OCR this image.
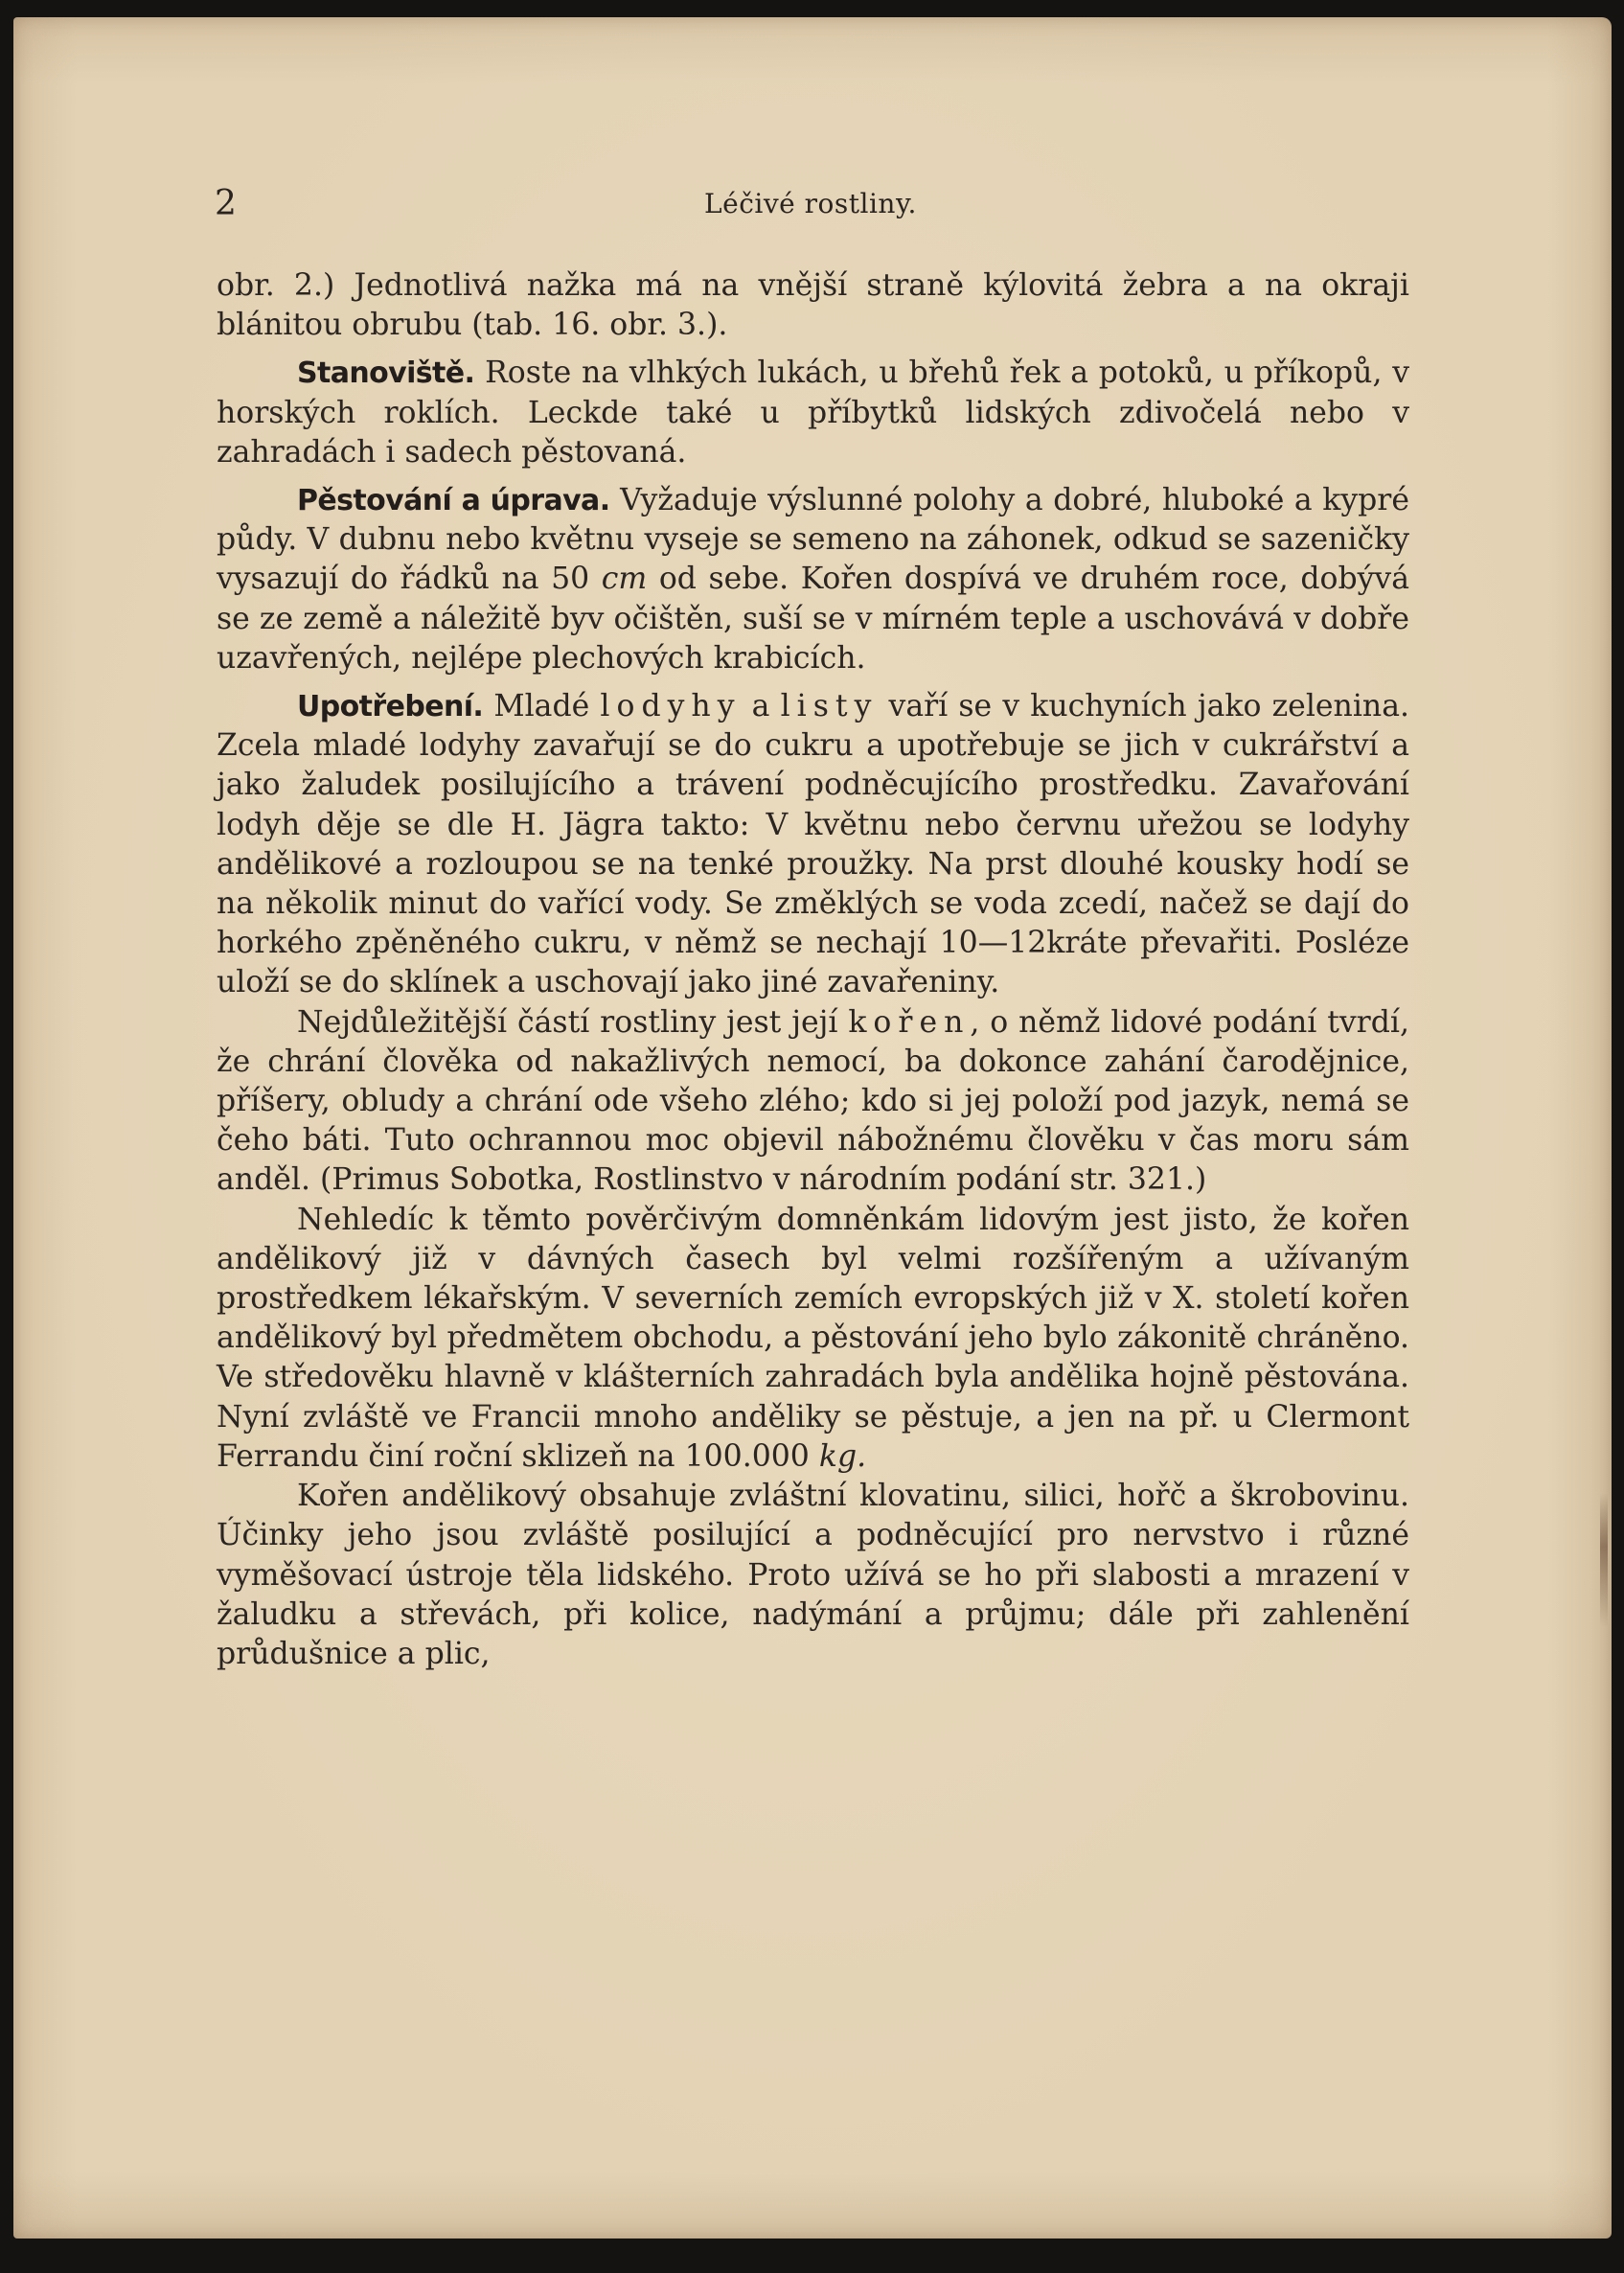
2	Léčivé rostliny.

obr. 2.) Jednotlivá nažka má na vnější straně kýlovitá žebra a na okraji blánitou obrubu (tab. 16. obr. 3.).

Stanoviště. Roste na vlhkých lukách, u břehů řek a potoků, u příkopů, v horských roklích. Leckde také u příbytků lidských zdivočelá nebo v zahradách i sadech pěstovaná.

Pěstování a úprava. Vyžaduje výslunné polohy a dobré, hluboké a kypré půdy. V dubnu nebo květnu vyseje se semeno na záhonek, odkud se sazeničky vysazují do řádků na 50 cm od sebe. Kořen dospívá ve druhém roce, dobývá se ze země a náležitě byv očištěn, suší se v mírném teple a uschovává v dobře uzavřených, nejlépe plechových krabicích.

Upotřebení. Mladé lodyhy a listy vaří se v kuchyních jako zelenina. Zcela mladé lodyhy zavařují se do cukru a upotřebuje se jich v cukrářství a jako žaludek posilujícího a trávení podněcujícího prostředku. Zavařování lodyh děje se dle H. Jägra takto: V květnu nebo červnu uřežou se lodyhy andělikové a rozloupou se na tenké proužky. Na prst dlouhé kousky hodí se na několik minut do vařící vody. Se změklých se voda zcedí, načež se dají do horkého zpěněného cukru, v němž se nechají 10—12kráte převařiti. Posléze uloží se do sklínek a uschovají jako jiné zavařeniny.

Nejdůležitější částí rostliny jest její kořen, o němž lidové podání tvrdí, že chrání člověka od nakažlivých nemocí, ba dokonce zahání čarodějnice, příšery, obludy a chrání ode všeho zlého; kdo si jej položí pod jazyk, nemá se čeho báti. Tuto ochrannou moc objevil nábožnému člověku v čas moru sám anděl. (Primus Sobotka, Rostlinstvo v národním podání str. 321.)

Nehledíc k těmto pověrčivým domněnkám lidovým jest jisto, že kořen andělikový již v dávných časech byl velmi rozšířeným a užívaným prostředkem lékařským. V severních zemích evropských již v X. století kořen andělikový byl předmětem obchodu, a pěstování jeho bylo zákonitě chráněno. Ve středověku hlavně v klášterních zahradách byla andělika hojně pěstována. Nyní zvláště ve Francii mnoho anděliky se pěstuje, a jen na př. u Clermont Ferrandu činí roční sklizeň na 100.000 kg.

Kořen andělikový obsahuje zvláštní klovatinu, silici, hořč a škrobovinu. Účinky jeho jsou zvláště posilující a podněcující pro nervstvo i různé vyměšovací ústroje těla lidského. Proto užívá se ho při slabosti a mrazení v žaludku a střevách, při kolice, nadýmání a průjmu; dále při zahlenění průdušnice a plic,
